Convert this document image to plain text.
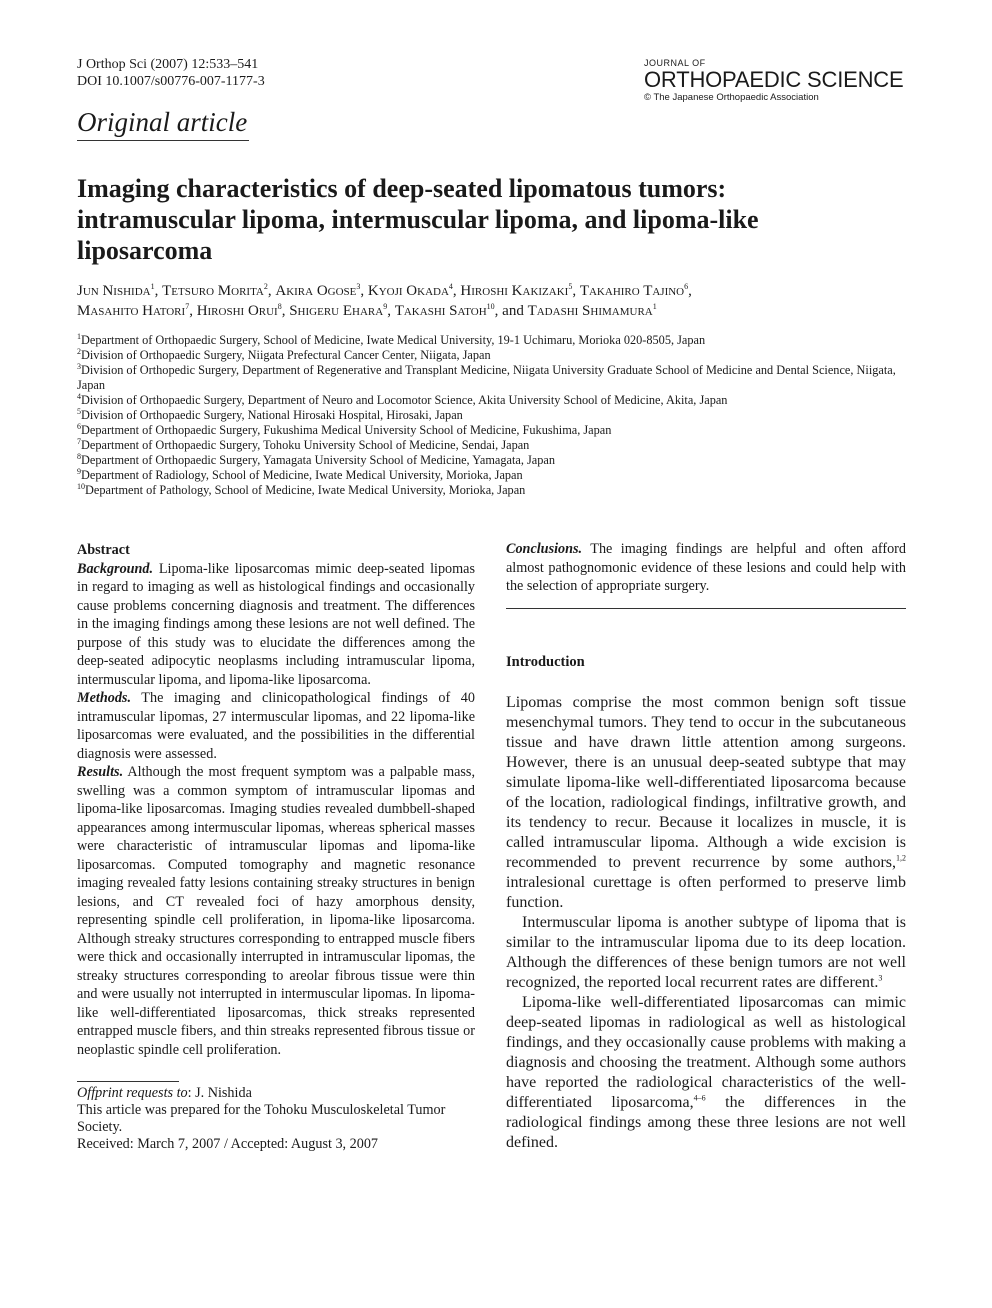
J Orthop Sci (2007) 12:533–541
DOI 10.1007/s00776-007-1177-3
JOURNAL OF
ORTHOPAEDIC SCIENCE
© The Japanese Orthopaedic Association
Original article
Imaging characteristics of deep-seated lipomatous tumors: intramuscular lipoma, intermuscular lipoma, and lipoma-like liposarcoma
Jun Nishida$^1$, Tetsuro Morita$^2$, Akira Ogose$^3$, Kyoji Okada$^4$, Hiroshi Kakizaki$^5$, Takahiro Tajino$^6$,
Masahito Hatori$^7$, Hiroshi Orui$^8$, Shigeru Ehara$^9$, Takashi Satoh$^{10}$, and Tadashi Shimamura$^1$
$^1$Department of Orthopaedic Surgery, School of Medicine, Iwate Medical University, 19-1 Uchimaru, Morioka 020-8505, Japan
$^2$Division of Orthopaedic Surgery, Niigata Prefectural Cancer Center, Niigata, Japan
$^3$Division of Orthopedic Surgery, Department of Regenerative and Transplant Medicine, Niigata University Graduate School of Medicine and Dental Science, Niigata, Japan
$^4$Division of Orthopaedic Surgery, Department of Neuro and Locomotor Science, Akita University School of Medicine, Akita, Japan
$^5$Division of Orthopaedic Surgery, National Hirosaki Hospital, Hirosaki, Japan
$^6$Department of Orthopaedic Surgery, Fukushima Medical University School of Medicine, Fukushima, Japan
$^7$Department of Orthopaedic Surgery, Tohoku University School of Medicine, Sendai, Japan
$^8$Department of Orthopaedic Surgery, Yamagata University School of Medicine, Yamagata, Japan
$^9$Department of Radiology, School of Medicine, Iwate Medical University, Morioka, Japan
$^{10}$Department of Pathology, School of Medicine, Iwate Medical University, Morioka, Japan

Abstract

Background. Lipoma-like liposarcomas mimic deep-seated lipomas in regard to imaging as well as histological findings and occasionally cause problems concerning diagnosis and treatment. The differences in the imaging findings among these lesions are not well defined. The purpose of this study was to elucidate the differences among the deep-seated adipocytic neoplasms including intramuscular lipoma, intermuscular lipoma, and lipoma-like liposarcoma.

Methods. The imaging and clinicopathological findings of 40 intramuscular lipomas, 27 intermuscular lipomas, and 22 lipoma-like liposarcomas were evaluated, and the possibilities in the differential diagnosis were assessed.

Results. Although the most frequent symptom was a palpable mass, swelling was a common symptom of intramuscular lipomas and lipoma-like liposarcomas. Imaging studies revealed dumbbell-shaped appearances among intermuscular lipomas, whereas spherical masses were characteristic of intramuscular lipomas and lipoma-like liposarcomas. Computed tomography and magnetic resonance imaging revealed fatty lesions containing streaky structures in benign lesions, and CT revealed foci of hazy amorphous density, representing spindle cell proliferation, in lipoma-like liposarcoma. Although streaky structures corresponding to entrapped muscle fibers were thick and occasionally interrupted in intramuscular lipomas, the streaky structures corresponding to areolar fibrous tissue were thin and were usually not interrupted in intermuscular lipomas. In lipoma-like well-differentiated liposarcomas, thick streaks represented entrapped muscle fibers, and thin streaks represented fibrous tissue or neoplastic spindle cell proliferation.

Offprint requests to: J. Nishida
This article was prepared for the Tohoku Musculoskeletal Tumor Society.
Received: March 7, 2007 / Accepted: August 3, 2007

Conclusions. The imaging findings are helpful and often afford almost pathognomonic evidence of these lesions and could help with the selection of appropriate surgery.

Introduction

Lipomas comprise the most common benign soft tissue mesenchymal tumors. They tend to occur in the subcutaneous tissue and have drawn little attention among surgeons. However, there is an unusual deep-seated subtype that may simulate lipoma-like well-differentiated liposarcoma because of the location, radiological findings, infiltrative growth, and its tendency to recur. Because it localizes in muscle, it is called intramuscular lipoma. Although a wide excision is recommended to prevent recurrence by some authors,$^{1,2}$ intralesional curettage is often performed to preserve limb function.

Intermuscular lipoma is another subtype of lipoma that is similar to the intramuscular lipoma due to its deep location. Although the differences of these benign tumors are not well recognized, the reported local recurrent rates are different.$^3$

Lipoma-like well-differentiated liposarcomas can mimic deep-seated lipomas in radiological as well as histological findings, and they occasionally cause problems with making a diagnosis and choosing the treatment. Although some authors have reported the radiological characteristics of the well-differentiated liposarcoma,$^{4-6}$ the differences in the radiological findings among these three lesions are not well defined.
